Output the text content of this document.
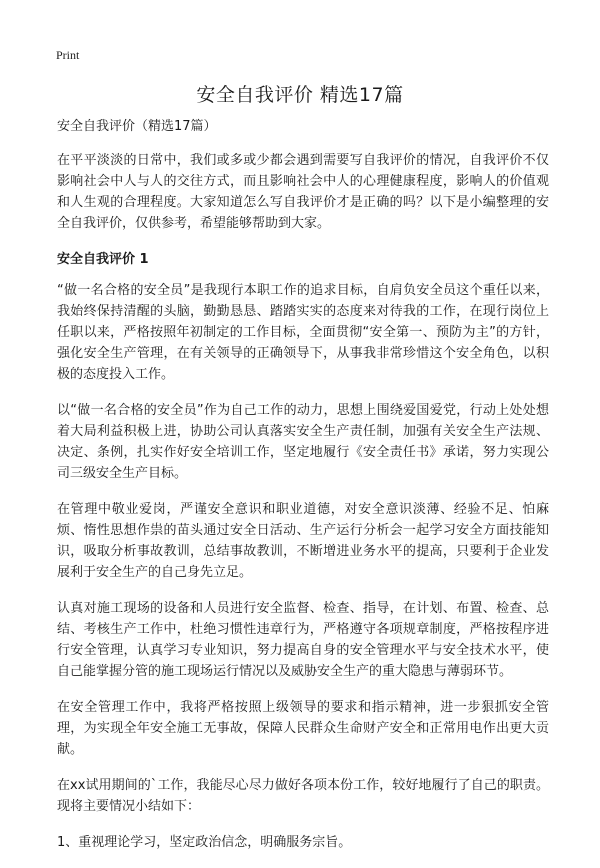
Print
安全自我评价 精选17篇

安全自我评价（精选17篇）

在平平淡淡的日常中，我们或多或少都会遇到需要写自我评价的情况，自我评价不仅影响社会中人与人的交往方式，而且影响社会中人的心理健康程度，影响人的价值观和人生观的合理程度。大家知道怎么写自我评价才是正确的吗？以下是小编整理的安全自我评价，仅供参考，希望能够帮助到大家。

安全自我评价 1

“做一名合格的安全员”是我现行本职工作的追求目标，自肩负安全员这个重任以来，我始终保持清醒的头脑，勤勤恳恳、踏踏实实的态度来对待我的工作，在现行岗位上任职以来，严格按照年初制定的工作目标，全面贯彻“安全第一、预防为主”的方针，强化安全生产管理，在有关领导的正确领导下，从事我非常珍惜这个安全角色，以积极的态度投入工作。

以“做一名合格的安全员”作为自己工作的动力，思想上围绕爱国爱党，行动上处处想着大局利益积极上进，协助公司认真落实安全生产责任制，加强有关安全生产法规、决定、条例，扎实作好安全培训工作，坚定地履行《安全责任书》承诺，努力实现公司三级安全生产目标。

在管理中敬业爱岗，严谨安全意识和职业道德，对安全意识淡薄、经验不足、怕麻烦、惰性思想作祟的苗头通过安全日活动、生产运行分析会一起学习安全方面技能知识，吸取分析事故教训，总结事故教训，不断增进业务水平的提高，只要利于企业发展利于安全生产的自己身先立足。

认真对施工现场的设备和人员进行安全监督、检查、指导，在计划、布置、检查、总结、考核生产工作中，杜绝习惯性违章行为，严格遵守各项规章制度，严格按程序进行安全管理，认真学习专业知识，努力提高自身的安全管理水平与安全技术水平，使自己能掌握分管的施工现场运行情况以及威胁安全生产的重大隐患与薄弱环节。

在安全管理工作中，我将严格按照上级领导的要求和指示精神，进一步狠抓安全管理，为实现全年安全施工无事故，保障人民群众生命财产安全和正常用电作出更大贡献。

在xx试用期间的`工作，我能尽心尽力做好各项本份工作，较好地履行了自己的职责。现将主要情况小结如下：

1、重视理论学习，坚定政治信念，明确服务宗旨。
